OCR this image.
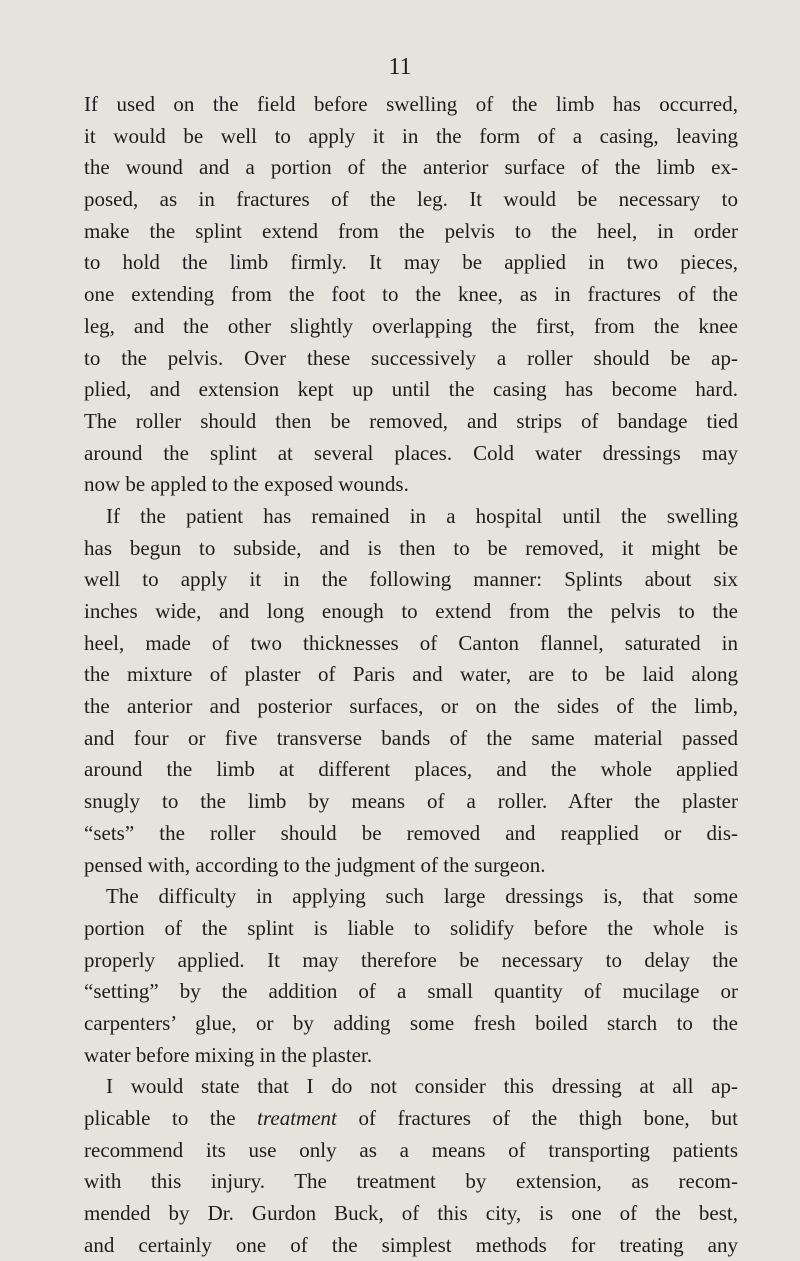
11
If used on the field before swelling of the limb has occurred,
it would be well to apply it in the form of a casing, leaving
the wound and a portion of the anterior surface of the limb ex-
posed, as in fractures of the leg. It would be necessary to
make the splint extend from the pelvis to the heel, in order
to hold the limb firmly. It may be applied in two pieces,
one extending from the foot to the knee, as in fractures of the
leg, and the other slightly overlapping the first, from the knee
to the pelvis. Over these successively a roller should be ap-
plied, and extension kept up until the casing has become hard.
The roller should then be removed, and strips of bandage tied
around the splint at several places. Cold water dressings may
now be appled to the exposed wounds.
If the patient has remained in a hospital until the swelling
has begun to subside, and is then to be removed, it might be
well to apply it in the following manner: Splints about six
inches wide, and long enough to extend from the pelvis to the
heel, made of two thicknesses of Canton flannel, saturated in
the mixture of plaster of Paris and water, are to be laid along
the anterior and posterior surfaces, or on the sides of the limb,
and four or five transverse bands of the same material passed
around the limb at different places, and the whole applied
snugly to the limb by means of a roller. After the plaster
“sets” the roller should be removed and reapplied or dis-
pensed with, according to the judgment of the surgeon.
The difficulty in applying such large dressings is, that some
portion of the splint is liable to solidify before the whole is
properly applied. It may therefore be necessary to delay the
“setting” by the addition of a small quantity of mucilage or
carpenters’ glue, or by adding some fresh boiled starch to the
water before mixing in the plaster.
I would state that I do not consider this dressing at all ap-
plicable to the treatment of fractures of the thigh bone, but
recommend its use only as a means of transporting patients
with this injury. The treatment by extension, as recom-
mended by Dr. Gurdon Buck, of this city, is one of the best,
and certainly one of the simplest methods for treating any
